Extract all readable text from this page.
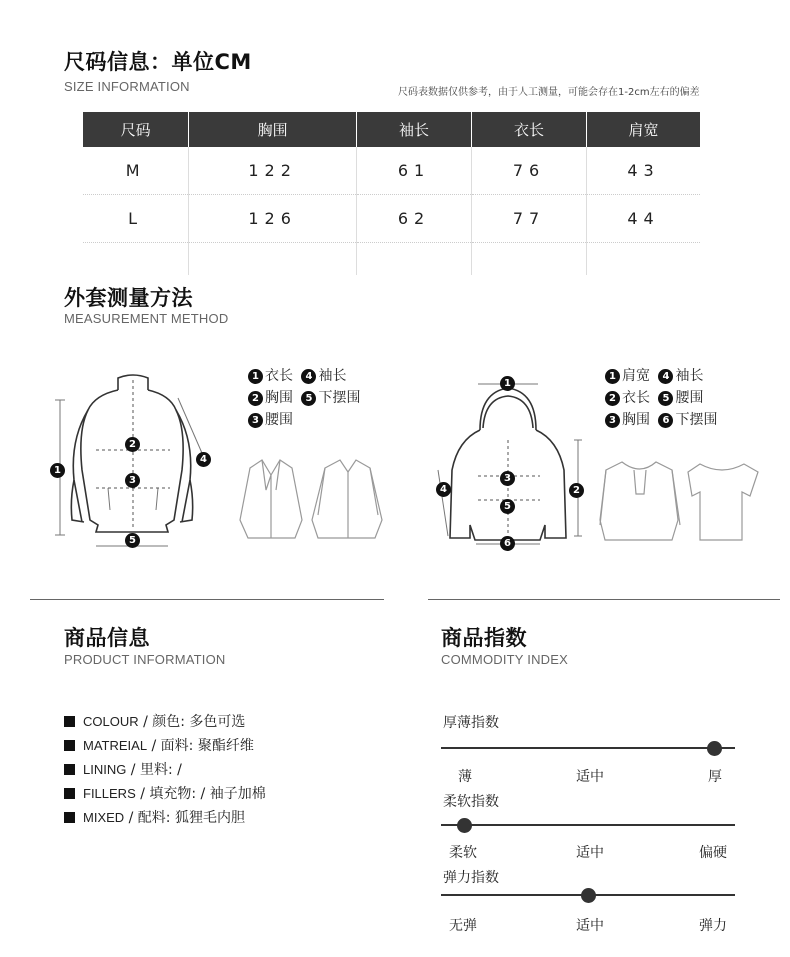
尺码信息：单位CM
SIZE INFORMATION	尺码表数据仅供参考，由于人工测量，可能会存在1-2cm左右的偏差
尺码	胸围	袖长	衣长	肩宽
M	122	61	76	43
L	126	62	77	44

外套测量方法
MEASUREMENT METHOD
1
2
3
4
5
1
2
3
4
5
6
1 衣长 4 袖长
2 胸围 5 下摆围
3 腰围
1 肩宽 4 袖长
2 衣长 5 腰围
3 胸围 6 下摆围
商品信息
PRODUCT INFORMATION
COLOUR / 颜色: 多色可选
MATREIAL / 面料: 聚酯纤维
LINING / 里料: /
FILLERS / 填充物: / 袖子加棉
MIXED / 配料: 狐狸毛内胆
商品指数
COMMODITY INDEX
厚薄指数
薄	适中	厚
柔软指数
柔软	适中	偏硬
弹力指数
无弹	适中	弹力
